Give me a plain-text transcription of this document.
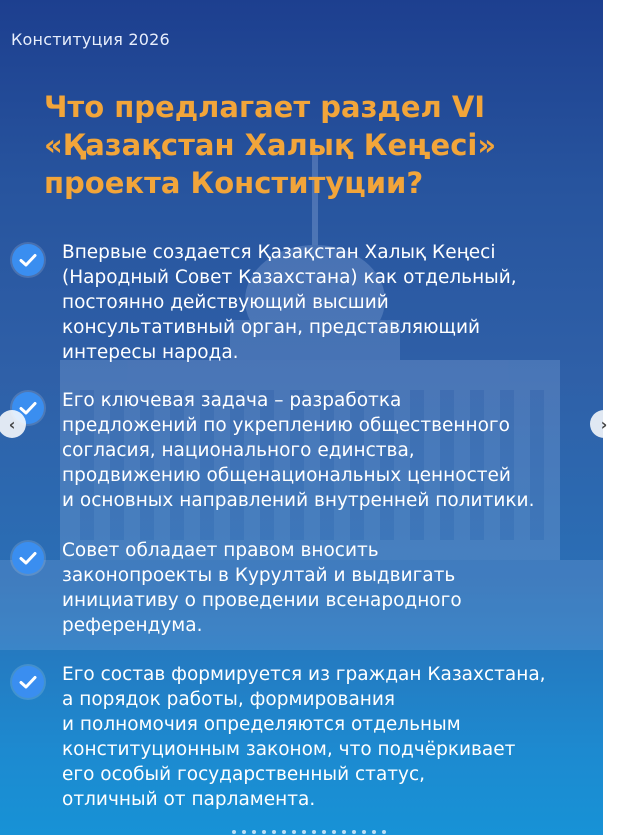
Конституция 2026
Что предлагает раздел VI
«Қазақстан Халық Кеңесі»
проекта Конституции?
Впервые создается Қазақстан Халық Кеңесі
(Народный Совет Казахстана) как отдельный,
постоянно действующий высший
консультативный орган, представляющий
интересы народа.
Его ключевая задача – разработка
предложений по укреплению общественного
согласия, национального единства,
продвижению общенациональных ценностей
и основных направлений внутренней политики.
Совет обладает правом вносить
законопроекты в Курултай и выдвигать
инициативу о проведении всенародного
референдума.
Его состав формируется из граждан Казахстана,
а порядок работы, формирования
и полномочия определяются отдельным
конституционным законом, что подчёркивает
его особый государственный статус,
отличный от парламента.
‹	›
